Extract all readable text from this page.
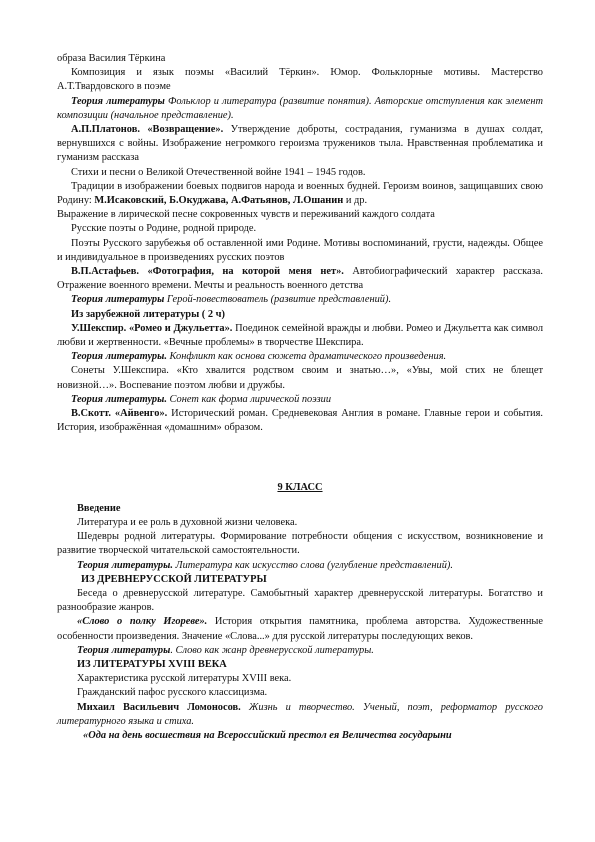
образа Василия Тёркина

Композиция и язык поэмы «Василий Тёркин». Юмор. Фольклорные мотивы. Мастерство А.Т.Твардовского в поэме

Теория литературы Фольклор и литература (развитие понятия). Авторские отступления как элемент композиции (начальное представление).

А.П.Платонов. «Возвращение». Утверждение доброты, сострадания, гуманизма в душах солдат, вернувшихся с войны. Изображение негромкого героизма тружеников тыла. Нравственная проблематика и гуманизм рассказа

Стихи и песни о Великой Отечественной войне 1941 – 1945 годов.

Традиции в изображении боевых подвигов народа и военных будней. Героизм воинов, защищавших свою Родину: М.Исаковский, Б.Окуджава, А.Фатьянов, Л.Ошанин и др.

Выражение в лирической песне сокровенных чувств и переживаний каждого солдата

Русские поэты о Родине, родной природе.

Поэты Русского зарубежья об оставленной ими Родине. Мотивы воспоминаний, грусти, надежды. Общее и индивидуальное в произведениях русских поэтов

В.П.Астафьев. «Фотография, на которой меня нет». Автобиографический характер рассказа. Отражение военного времени. Мечты и реальность военного детства

Теория литературы Герой-повествователь (развитие представлений).

Из зарубежной литературы ( 2 ч)

У.Шекспир. «Ромео и Джульетта». Поединок семейной вражды и любви. Ромео и Джульетта как символ любви и жертвенности. «Вечные проблемы» в творчестве Шекспира.

Теория литературы. Конфликт как основа сюжета драматического произведения.

Сонеты У.Шекспира. «Кто хвалится родством своим и знатью…», «Увы, мой стих не блещет новизной…». Воспевание поэтом любви и дружбы.

Теория литературы. Сонет как форма лирической поэзии

В.Скотт. «Айвенго». Исторический роман. Средневековая Англия в романе. Главные герои и события. История, изображённая «домашним» образом.

9 КЛАСС

Введение

Литература и ее роль в духовной жизни человека.

Шедевры родной литературы. Формирование потребности общения с искусством, возникновение и развитие творческой читательской самостоятельности.

Теория литературы. Литература как искусство слова (углубление представлений).

ИЗ ДРЕВНЕРУССКОЙ ЛИТЕРАТУРЫ

Беседа о древнерусской литературе. Самобытный характер древнерусской литературы. Богатство и разнообразие жанров.

«Слово о полку Игореве». История открытия памятника, проблема авторства. Художественные особенности произведения. Значение «Слова...» для русской литературы последующих веков.

Теория литературы. Слово как жанр древнерусской литературы.

ИЗ ЛИТЕРАТУРЫ XVIII ВЕКА

Характеристика русской литературы XVIII века.

Гражданский пафос русского классицизма.

Михаил Васильевич Ломоносов. Жизнь и творчество. Ученый, поэт, реформатор русского литературного языка и стиха.

«Ода на день восшествия на Всероссийский престол ея Величества государыни
